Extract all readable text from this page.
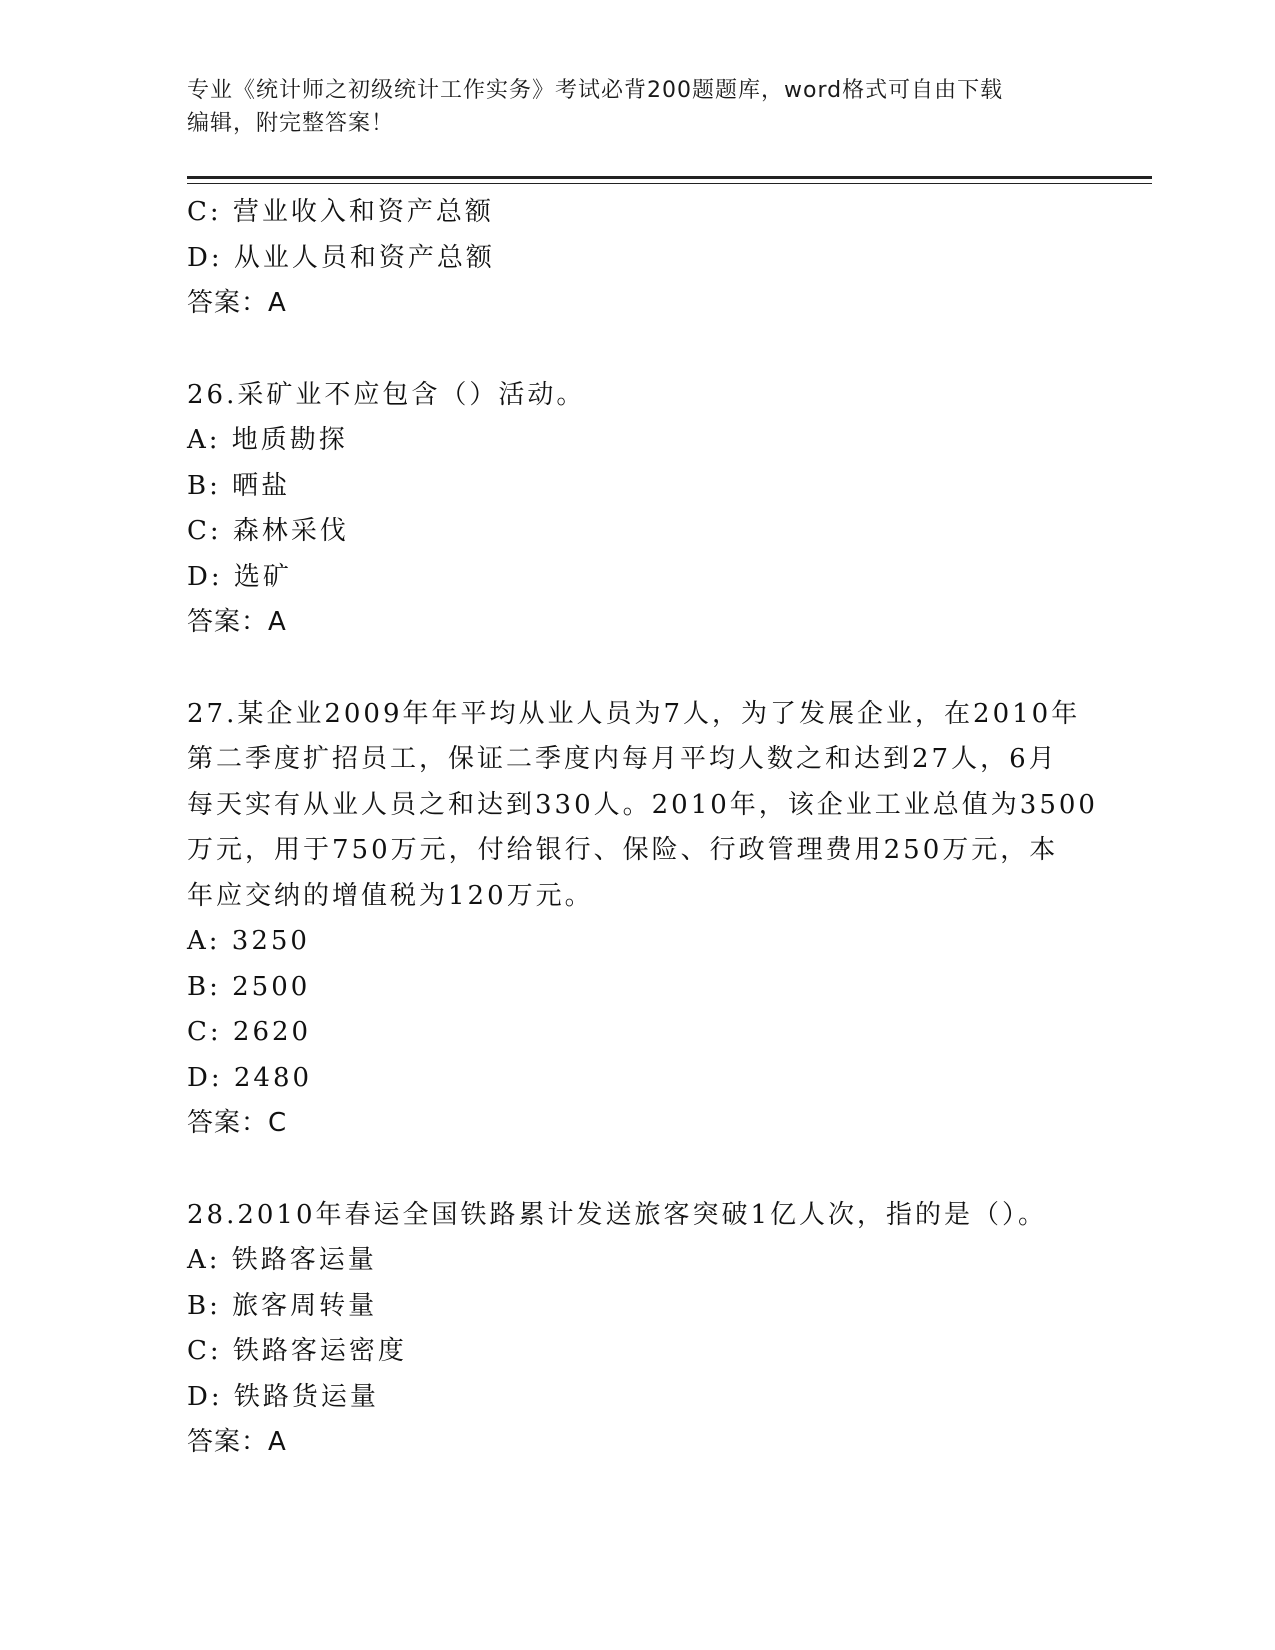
专业《统计师之初级统计工作实务》考试必背200题题库，word格式可自由下载
编辑，附完整答案！
C: 营业收入和资产总额
D: 从业人员和资产总额
答案：A
26.采矿业不应包含（）活动。
A: 地质勘探
B: 晒盐
C: 森林采伐
D: 选矿
答案：A
27.某企业2009年年平均从业人员为7人，为了发展企业，在2010年
第二季度扩招员工，保证二季度内每月平均人数之和达到27人，6月
每天实有从业人员之和达到330人。2010年，该企业工业总值为3500
万元，用于750万元，付给银行、保险、行政管理费用250万元，本
年应交纳的增值税为120万元。
A: 3250
B: 2500
C: 2620
D: 2480
答案：C
28.2010年春运全国铁路累计发送旅客突破1亿人次，指的是（）。
A: 铁路客运量
B: 旅客周转量
C: 铁路客运密度
D: 铁路货运量
答案：A
